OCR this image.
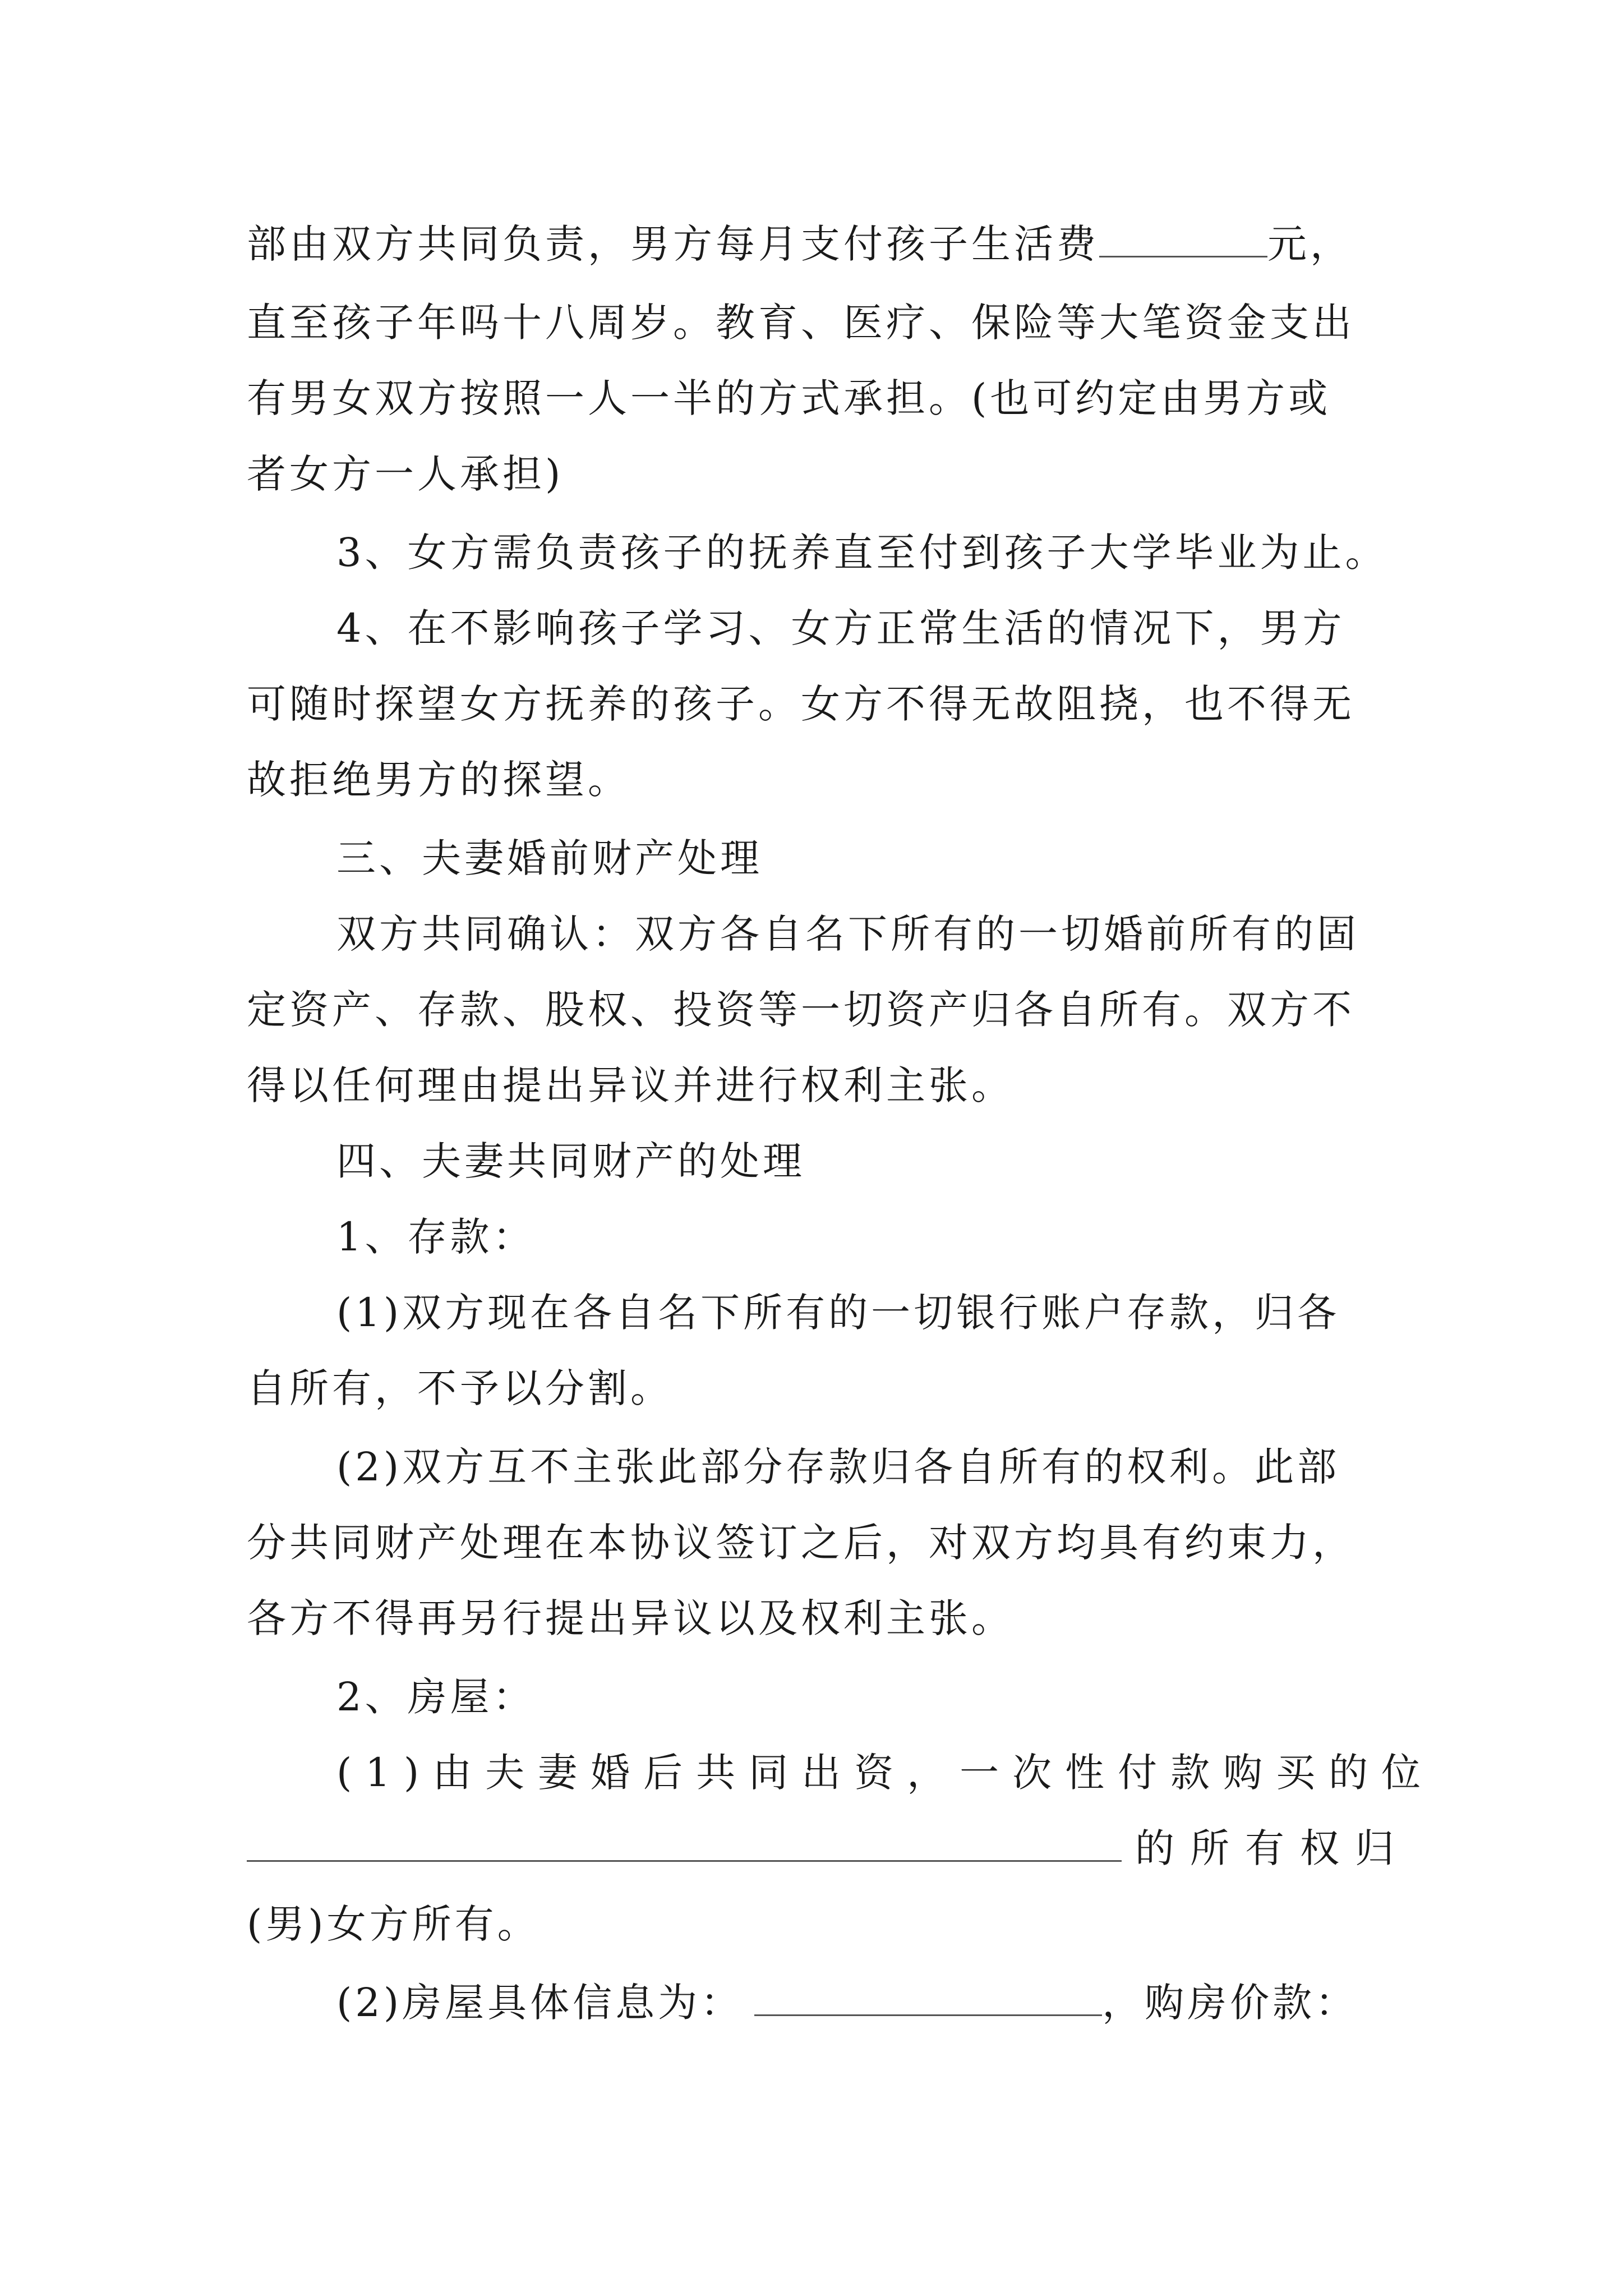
部由双方共同负责，男方每月支付孩子生活费	元，
直至孩子年吗十八周岁。教育、医疗、保险等大笔资金支出
有男女双方按照一人一半的方式承担。(也可约定由男方或
者女方一人承担)
3、女方需负责孩子的抚养直至付到孩子大学毕业为止。
4、在不影响孩子学习、女方正常生活的情况下，男方
可随时探望女方抚养的孩子。女方不得无故阻挠，也不得无
故拒绝男方的探望。
三、夫妻婚前财产处理
双方共同确认：双方各自名下所有的一切婚前所有的固
定资产、存款、股权、投资等一切资产归各自所有。双方不
得以任何理由提出异议并进行权利主张。
四、夫妻共同财产的处理
1、存款：
(1)双方现在各自名下所有的一切银行账户存款，归各
自所有，不予以分割。
(2)双方互不主张此部分存款归各自所有的权利。此部
分共同财产处理在本协议签订之后，对双方均具有约束力，
各方不得再另行提出异议以及权利主张。
2、房屋：
(1)由夫妻婚后共同出资，一次性付款购买的位
的所有权归
(男)女方所有。
(2)房屋具体信息为：	，购房价款：
